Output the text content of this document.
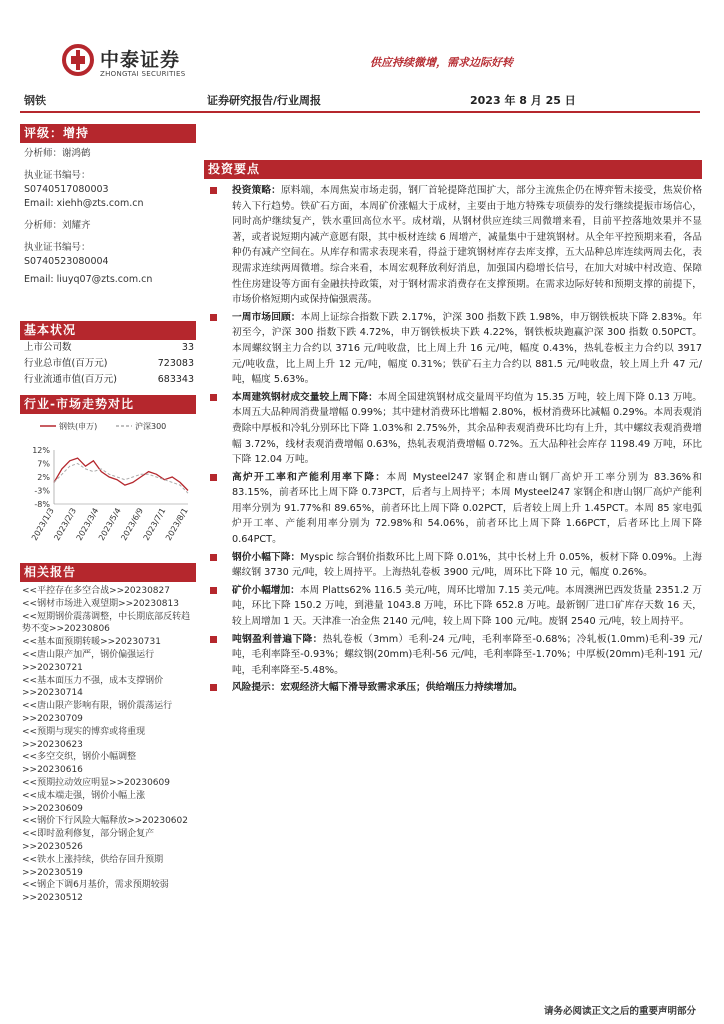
中泰证券
ZHONGTAI SECURITIES
供应持续微增，需求边际好转
钢铁	证券研究报告/行业周报	2023 年 8 月 25 日
评级：增持
分析师：谢鸿鹤
执业证书编号：
S0740517080003
Email: xiehh@zts.com.cn
分析师：刘耀齐
执业证书编号：
S0740523080004
Email: liuyq07@zts.com.cn
基本状况
上市公司数	33
行业总市值(百万元)	723083
行业流通市值(百万元)	683343
行业-市场走势对比
钢铁(申万)	沪深300
12%
7%
2%
-3%
-8%
2023/1/3
2023/2/3
2023/3/4
2023/5/4
2023/6/9
2023/7/1
2023/8/1
相关报告
<<平控存在多空合战>>20230827
<<钢材市场进入观望期>>20230813
<<短期钢价震荡调整，中长期底部反转趋势不变>>20230806
<<基本面预期转暖>>20230731
<<唐山限产加严，钢价偏强运行>>20230721
<<基本面压力不强，成本支撑钢价>>20230714
<<唐山限产影响有限，钢价震荡运行>>20230709
<<预期与现实的博弈或将重现>>20230623
<<多空交织，钢价小幅调整>>20230616
<<预期拉动效应明显>>20230609
<<成本端走强，钢价小幅上涨>>20230609
<<钢价下行风险大幅释放>>20230602
<<即时盈利修复，部分钢企复产>>20230526
<<铁水上涨持续，供给存回升预期>>20230519
<<钢企下调6月基价，需求预期较弱>>20230512
投资要点
投资策略：原料端，本周焦炭市场走弱，钢厂首轮提降范围扩大，部分主流焦企仍在博弈暂未接受，焦炭价格转入下行趋势。铁矿石方面，本周矿价涨幅大于成材，主要由于地方特殊专项债券的发行继续提振市场信心，同时高炉继续复产，铁水重回高位水平。成材端，从钢材供应连续三周微增来看，目前平控落地效果并不显著，或者说短期内减产意愿有限，其中板材连续 6 周增产，减量集中于建筑钢材。从全年平控预期来看，各品种仍有减产空间在。从库存和需求表现来看，得益于建筑钢材库存去库支撑，五大品种总库连续两周去化，表现需求连续两周微增。综合来看，本周宏观释放利好消息，加强国内稳增长信号，在加大对城中村改造、保障性住房建设等方面有金融扶持政策，对于钢材需求消费存在支撑预期。在需求边际好转和预期支撑的前提下，市场价格短期内或保持偏强震荡。
一周市场回顾：本周上证综合指数下跌 2.17%，沪深 300 指数下跌 1.98%，申万钢铁板块下降 2.83%。年初至今，沪深 300 指数下跌 4.72%，申万钢铁板块下跌 4.22%，钢铁板块跑赢沪深 300 指数 0.50PCT。本周螺纹钢主力合约以 3716 元/吨收盘，比上周上升 16 元/吨，幅度 0.43%，热轧卷板主力合约以 3917 元/吨收盘，比上周上升 12 元/吨，幅度 0.31%；铁矿石主力合约以 881.5 元/吨收盘，较上周上升 47 元/吨，幅度 5.63%。
本周建筑钢材成交量较上周下降：本周全国建筑钢材成交量周平均值为 15.35 万吨，较上周下降 0.13 万吨。本周五大品种周消费量增幅 0.99%；其中建材消费环比增幅 2.80%，板材消费环比减幅 0.29%。本周表观消费除中厚板和冷轧分别环比下降 1.03%和 2.75%外，其余品种表观消费环比均有上升，其中螺纹表观消费增幅 3.72%，线材表观消费增幅 0.63%，热轧表观消费增幅 0.72%。五大品种社会库存 1198.49 万吨，环比下降 12.04 万吨。
高炉开工率和产能利用率下降：本周 Mysteel247 家钢企和唐山钢厂高炉开工率分别为 83.36%和 83.15%，前者环比上周下降 0.73PCT，后者与上周持平；本周 Mysteel247 家钢企和唐山钢厂高炉产能利用率分别为 91.77%和 89.65%，前者环比上周下降 0.02PCT，后者较上周上升 1.45PCT。本周 85 家电弧炉开工率、产能利用率分别为 72.98%和 54.06%，前者环比上周下降 1.66PCT，后者环比上周下降 0.64PCT。
钢价小幅下降：Myspic 综合钢价指数环比上周下降 0.01%，其中长材上升 0.05%，板材下降 0.09%。上海螺纹钢 3730 元/吨，较上周持平。上海热轧卷板 3900 元/吨，周环比下降 10 元，幅度 0.26%。
矿价小幅增加：本周 Platts62% 116.5 美元/吨，周环比增加 7.15 美元/吨。本周澳洲巴西发货量 2351.2 万吨，环比下降 150.2 万吨，到港量 1043.8 万吨，环比下降 652.8 万吨。最新钢厂进口矿库存天数 16 天，较上周增加 1 天。天津准一冶金焦 2140 元/吨，较上周下降 100 元/吨。废钢 2540 元/吨，较上周持平。
吨钢盈利普遍下降：热轧卷板（3mm）毛利-24 元/吨，毛利率降至-0.68%；冷轧板(1.0mm)毛利-39 元/吨，毛利率降至-0.93%；螺纹钢(20mm)毛利-56 元/吨，毛利率降至-1.70%；中厚板(20mm)毛利-191 元/吨，毛利率降至-5.48%。
风险提示：宏观经济大幅下滑导致需求承压；供给端压力持续增加。
请务必阅读正文之后的重要声明部分
